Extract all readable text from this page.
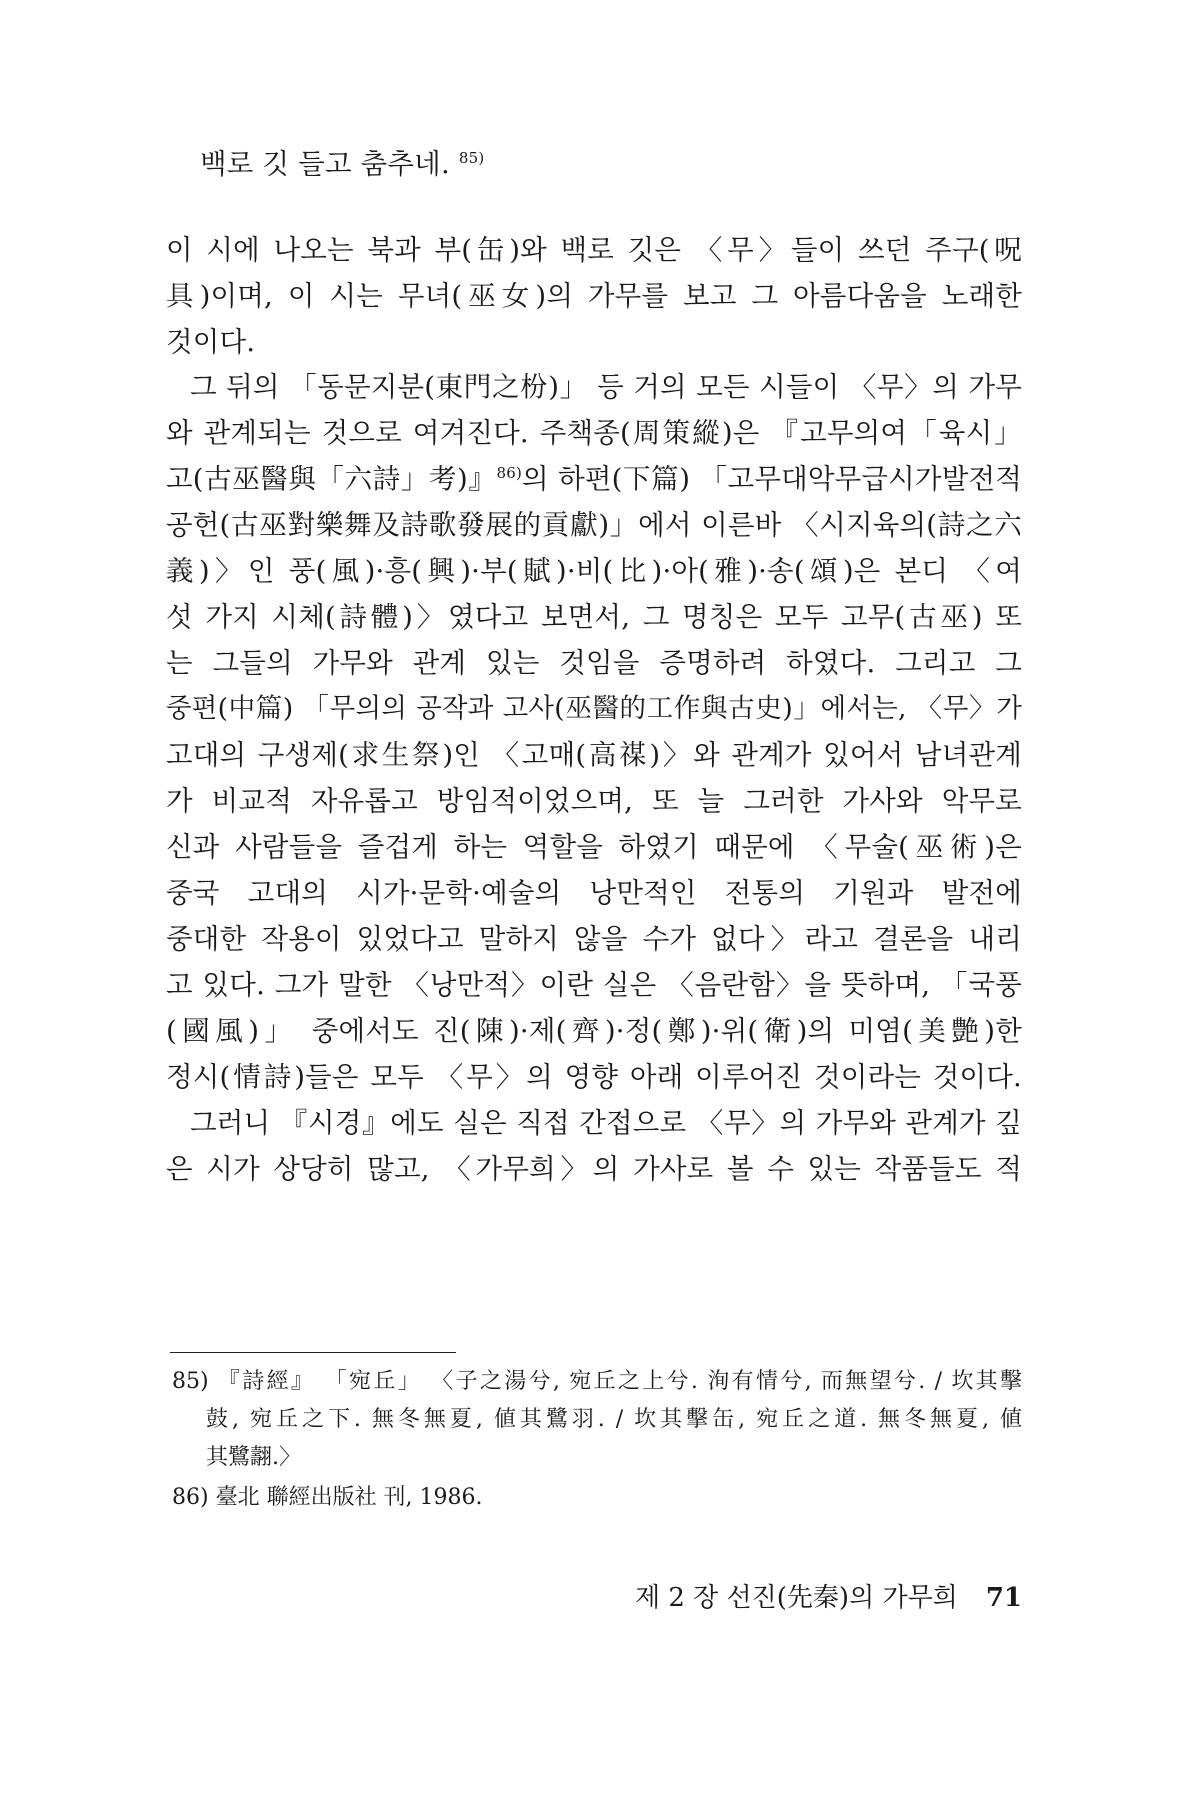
백로 깃 들고 춤추네. $^{85)}$
이 시에 나오는 북과 부(缶)와 백로 깃은 〈무〉들이 쓰던 주구(呪
具)이며, 이 시는 무녀(巫女)의 가무를 보고 그 아름다움을 노래한
것이다.
그 뒤의 「동문지분(東門之枌)」 등 거의 모든 시들이 〈무〉의 가무
와 관계되는 것으로 여겨진다. 주책종(周策縱)은 『고무의여「육시」
고(古巫醫與「六詩」考)』$^{86)}$의 하편(下篇) 「고무대악무급시가발전적
공헌(古巫對樂舞及詩歌發展的貢獻)」에서 이른바 〈시지육의(詩之六
義)〉인 풍(風)·흥(興)·부(賦)·비(比)·아(雅)·송(頌)은 본디 〈여
섯 가지 시체(詩體)〉였다고 보면서, 그 명칭은 모두 고무(古巫) 또
는 그들의 가무와 관계 있는 것임을 증명하려 하였다. 그리고 그
중편(中篇) 「무의의 공작과 고사(巫醫的工作與古史)」에서는, 〈무〉가
고대의 구생제(求生祭)인 〈고매(高禖)〉와 관계가 있어서 남녀관계
가 비교적 자유롭고 방임적이었으며, 또 늘 그러한 가사와 악무로
신과 사람들을 즐겁게 하는 역할을 하였기 때문에 〈무술(巫術)은
중국 고대의 시가·문학·예술의 낭만적인 전통의 기원과 발전에
중대한 작용이 있었다고 말하지 않을 수가 없다〉라고 결론을 내리
고 있다. 그가 말한 〈낭만적〉이란 실은 〈음란함〉을 뜻하며, 「국풍
(國風)」 중에서도 진(陳)·제(齊)·정(鄭)·위(衛)의 미염(美艶)한
정시(情詩)들은 모두 〈무〉의 영향 아래 이루어진 것이라는 것이다.
그러니 『시경』에도 실은 직접 간접으로 〈무〉의 가무와 관계가 깊
은 시가 상당히 많고, 〈가무희〉의 가사로 볼 수 있는 작품들도 적
85) 『詩經』 「宛丘」 〈子之湯兮, 宛丘之上兮. 洵有情兮, 而無望兮. / 坎其擊
鼓, 宛丘之下. 無冬無夏, 値其鷺羽. / 坎其擊缶, 宛丘之道. 無冬無夏, 値
其鷺翿.〉
86) 臺北 聯經出版社 刊, 1986.
제 2 장 선진(先秦)의 가무희 71
